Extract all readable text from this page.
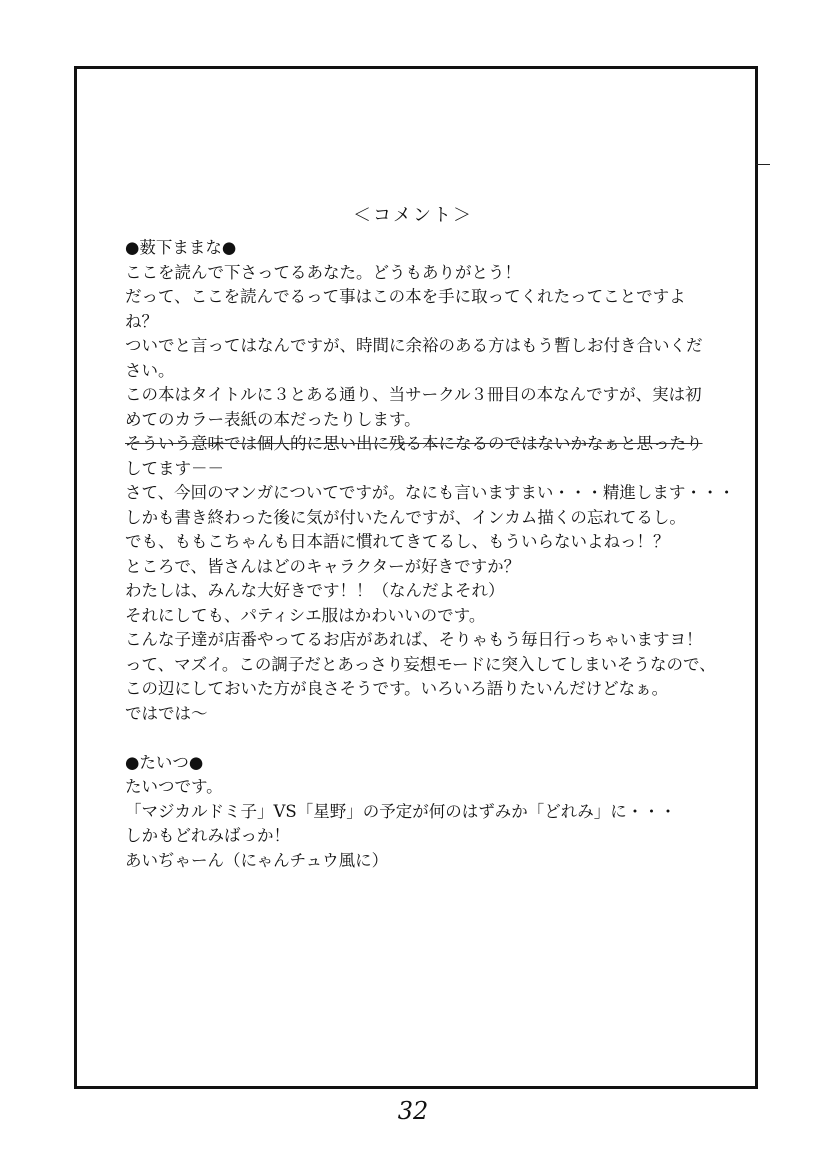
＜コメント＞
●薮下ままな●
ここを読んで下さってるあなた。どうもありがとう！
だって、ここを読んでるって事はこの本を手に取ってくれたってことですよ
ね？
ついでと言ってはなんですが、時間に余裕のある方はもう暫しお付き合いくだ
さい。
この本はタイトルに３とある通り、当サークル３冊目の本なんですが、実は初
めてのカラー表紙の本だったりします。
そういう意味では個人的に思い出に残る本になるのではないかなぁと思ったり
してます－－
さて、今回のマンガについてですが。なにも言いますまい・・・精進します・・・
しかも書き終わった後に気が付いたんですが、インカム描くの忘れてるし。
でも、ももこちゃんも日本語に慣れてきてるし、もういらないよねっ！？
ところで、皆さんはどのキャラクターが好きですか？
わたしは、みんな大好きです！！（なんだよそれ）
それにしても、パティシエ服はかわいいのです。
こんな子達が店番やってるお店があれば、そりゃもう毎日行っちゃいますヨ！
って、マズイ。この調子だとあっさり妄想モードに突入してしまいそうなので、
この辺にしておいた方が良さそうです。いろいろ語りたいんだけどなぁ。
ではでは～
●たいつ●
たいつです。
「マジカルドミ子」VS「星野」の予定が何のはずみか「どれみ」に・・・
しかもどれみばっか！
あいぢゃーん（にゃんチュウ風に）
32
